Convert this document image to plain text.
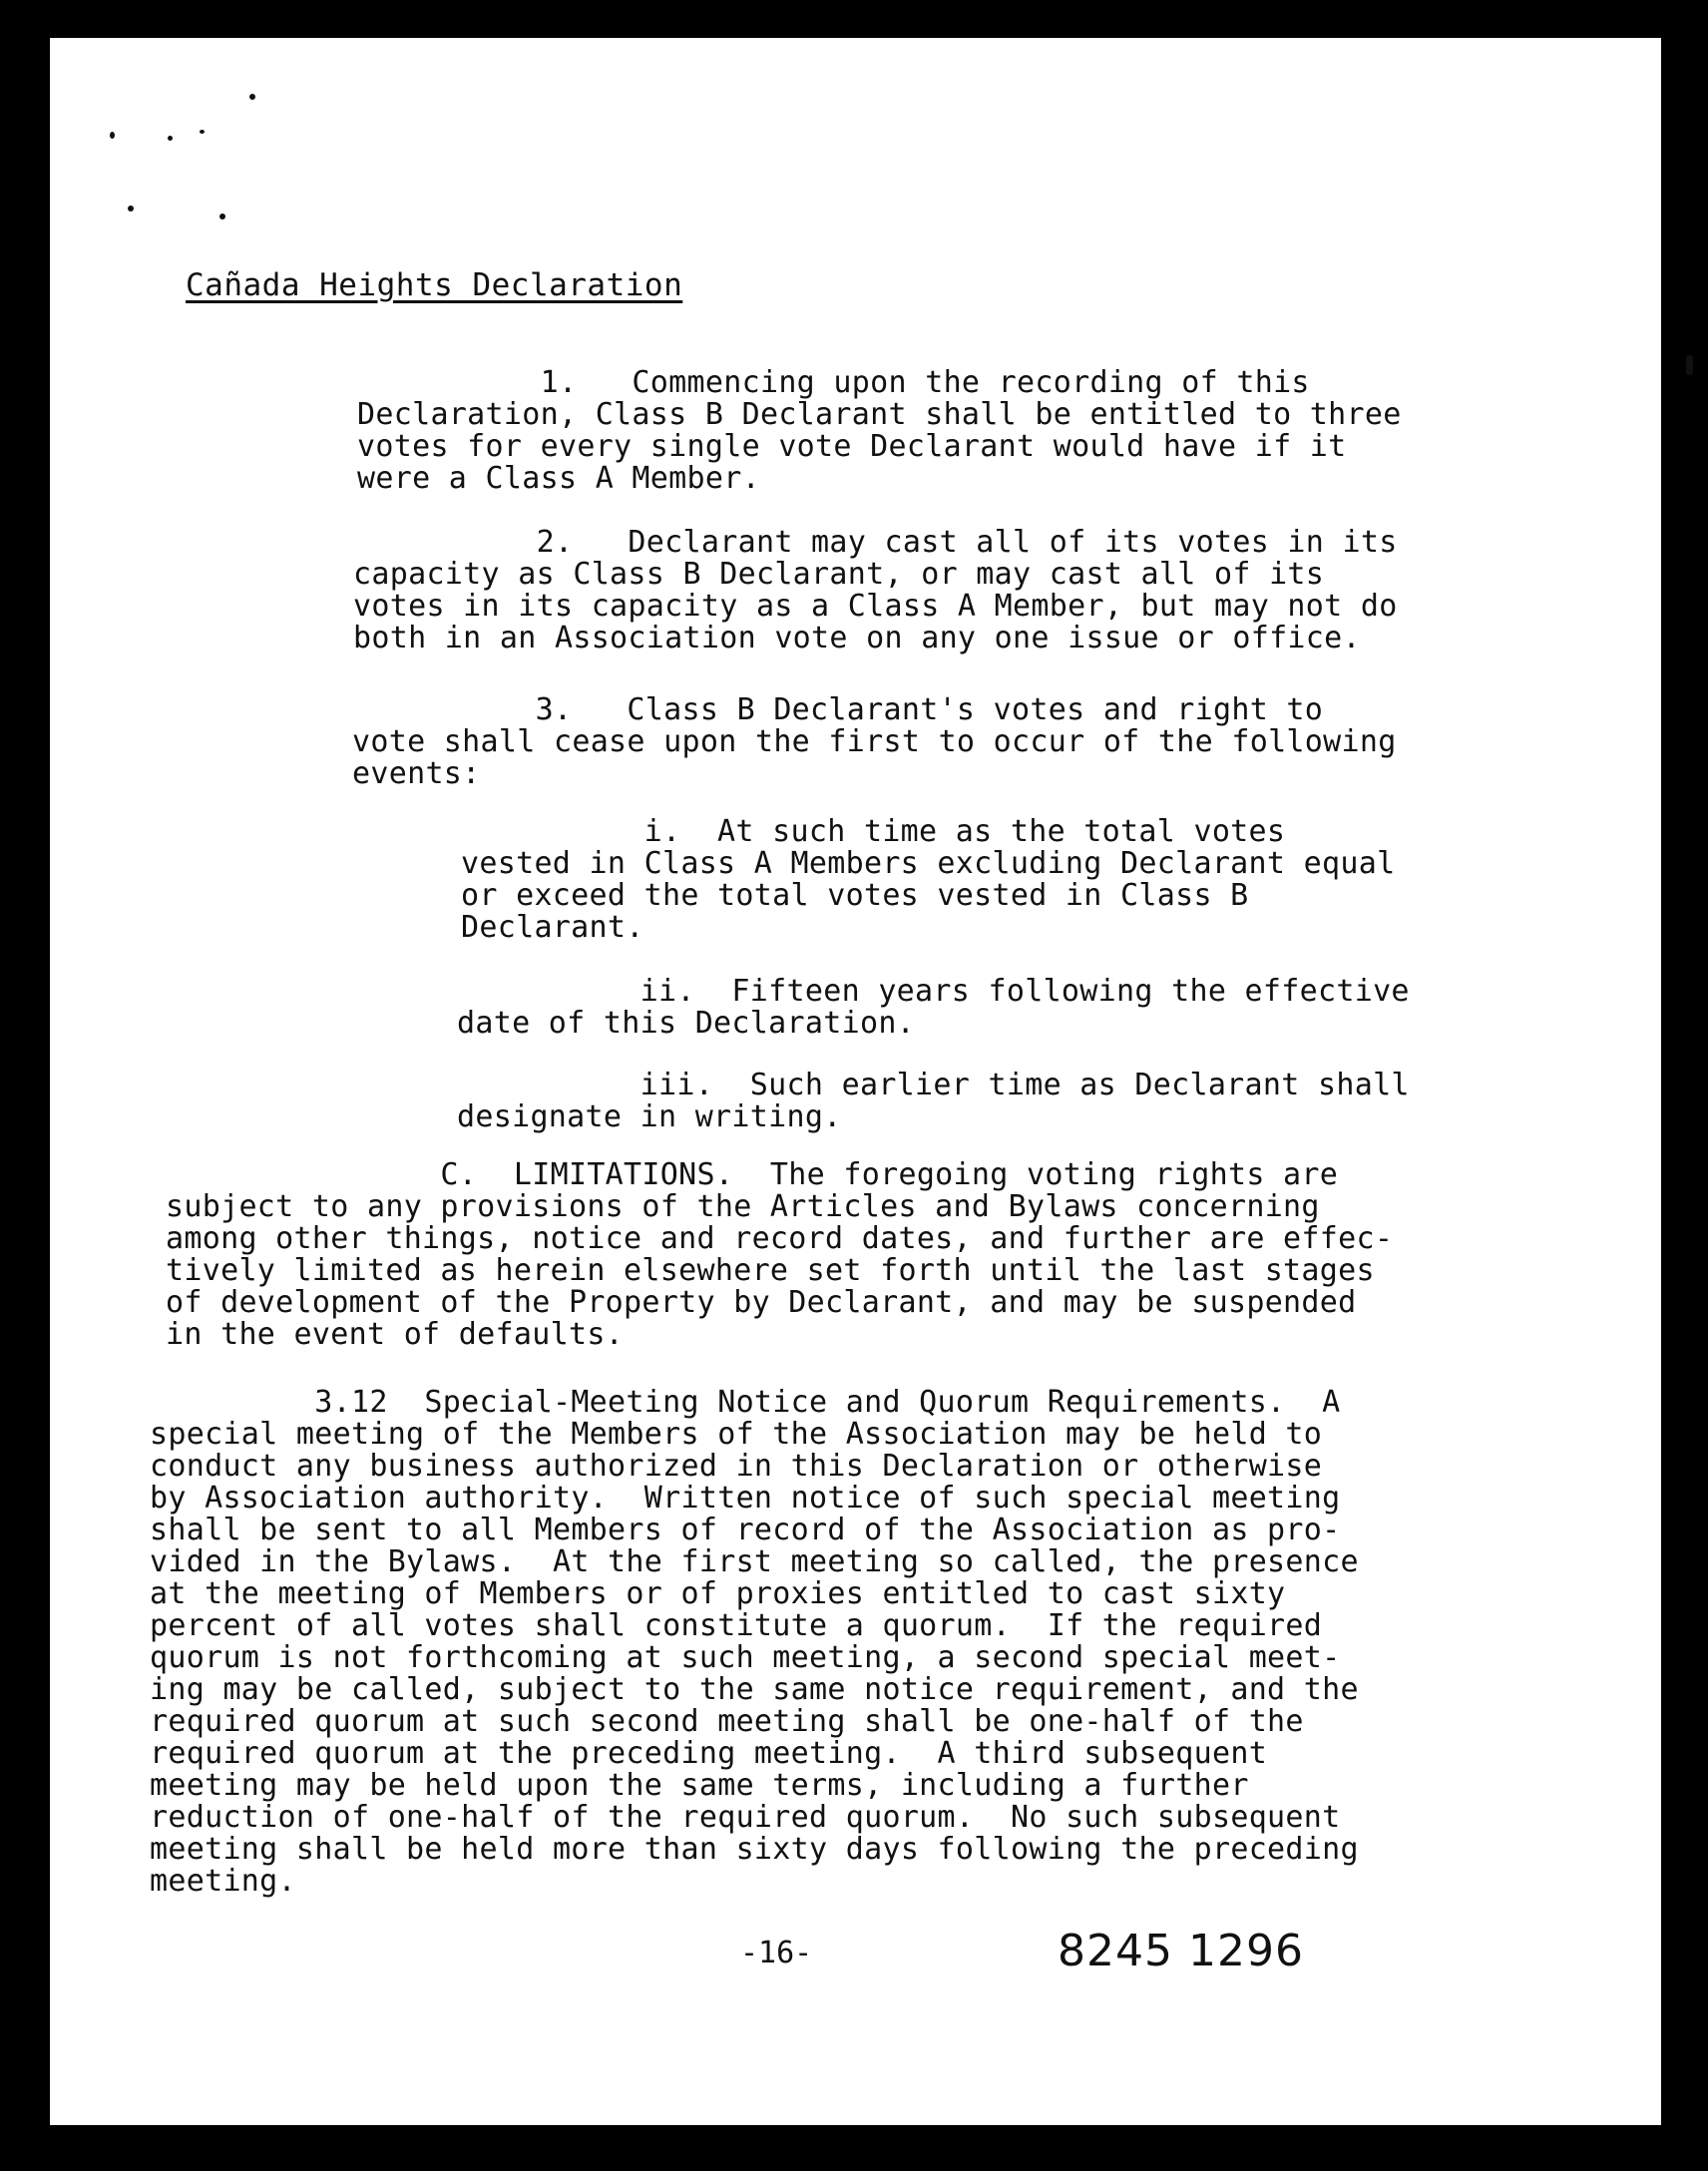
Cañada Heights Declaration

1.   Commencing upon the recording of this
Declaration, Class B Declarant shall be entitled to three
votes for every single vote Declarant would have if it
were a Class A Member.

2.   Declarant may cast all of its votes in its
capacity as Class B Declarant, or may cast all of its
votes in its capacity as a Class A Member, but may not do
both in an Association vote on any one issue or office.

3.   Class B Declarant's votes and right to
vote shall cease upon the first to occur of the following
events:

i.  At such time as the total votes
vested in Class A Members excluding Declarant equal
or exceed the total votes vested in Class B
Declarant.

ii.  Fifteen years following the effective
date of this Declaration.

iii.  Such earlier time as Declarant shall
designate in writing.

C.  LIMITATIONS.  The foregoing voting rights are
subject to any provisions of the Articles and Bylaws concerning
among other things, notice and record dates, and further are effec-
tively limited as herein elsewhere set forth until the last stages
of development of the Property by Declarant, and may be suspended
in the event of defaults.

3.12  Special-Meeting Notice and Quorum Requirements.  A
special meeting of the Members of the Association may be held to
conduct any business authorized in this Declaration or otherwise
by Association authority.  Written notice of such special meeting
shall be sent to all Members of record of the Association as pro-
vided in the Bylaws.  At the first meeting so called, the presence
at the meeting of Members or of proxies entitled to cast sixty
percent of all votes shall constitute a quorum.  If the required
quorum is not forthcoming at such meeting, a second special meet-
ing may be called, subject to the same notice requirement, and the
required quorum at such second meeting shall be one-half of the
required quorum at the preceding meeting.  A third subsequent
meeting may be held upon the same terms, including a further
reduction of one-half of the required quorum.  No such subsequent
meeting shall be held more than sixty days following the preceding
meeting.

-16-	8245 1296
